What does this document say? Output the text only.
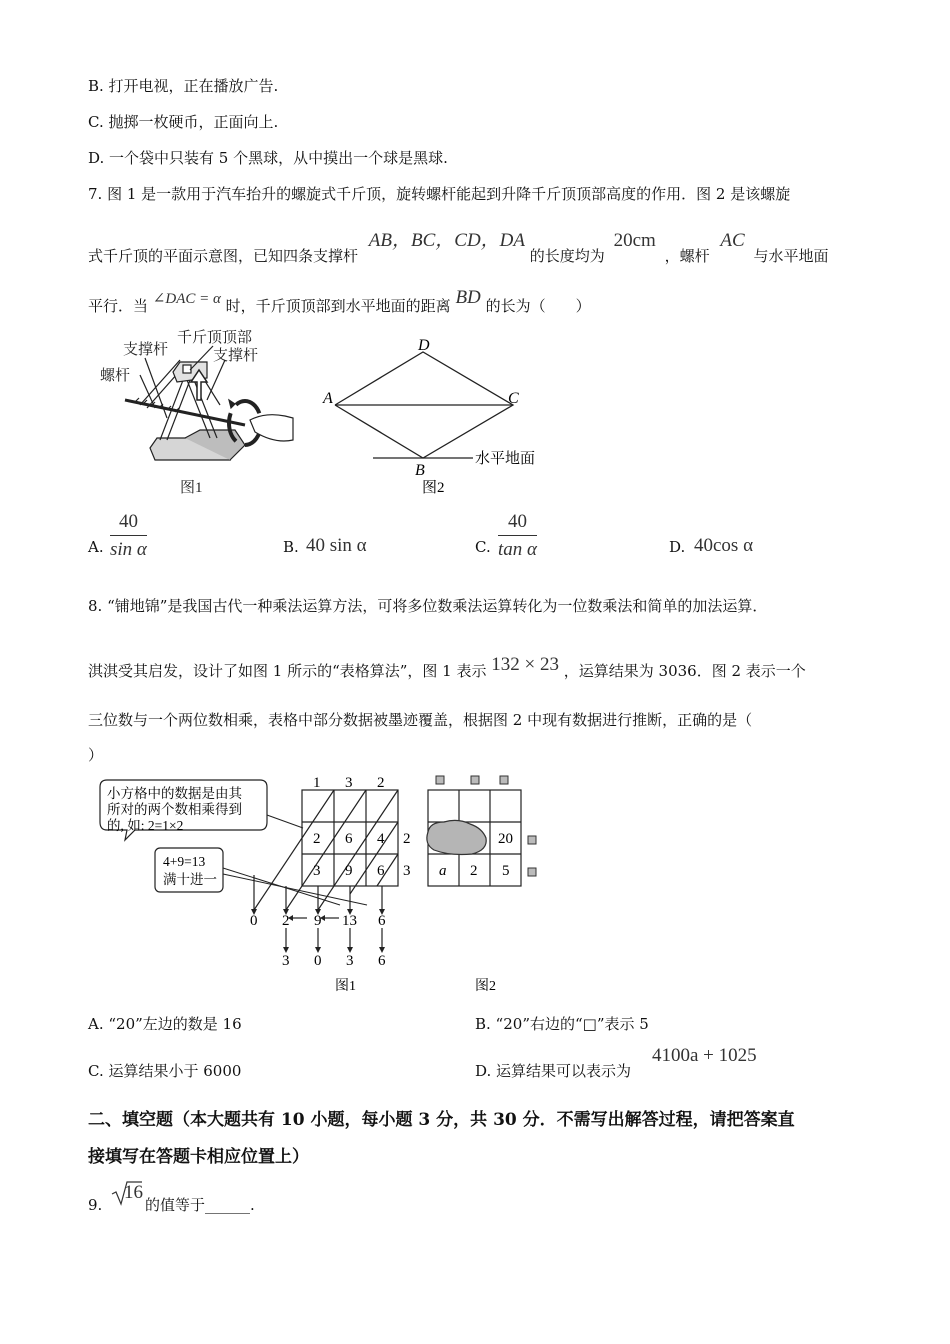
B. 打开电视，正在播放广告.
C. 抛掷一枚硬币，正面向上.
D. 一个袋中只装有 5 个黑球，从中摸出一个球是黑球.
7. 图 1 是一款用于汽车抬升的螺旋式千斤顶，旋转螺杆能起到升降千斤顶顶部高度的作用．图 2 是该螺旋
式千斤顶的平面示意图，已知四条支撑杆 AB，BC，CD，DA 的长度均为 20cm ，螺杆 AC 与水平地面
平行．当 ∠DAC = α 时，千斤顶顶部到水平地面的距离 BD 的长为（　　）
千斤顶顶部
支撑杆	支撑杆
螺杆
图1
D
A	C
B
水平地面
图2
A. $\frac{40}{\text{sin α}}$	B. 40 sin α	C. $\frac{40}{\text{tan α}}$	D. 40cos α
8. “铺地锦”是我国古代一种乘法运算方法，可将多位数乘法运算转化为一位数乘法和简单的加法运算．
淇淇受其启发，设计了如图 1 所示的“表格算法”，图 1 表示 132 × 23 ，运算结果为 3036．图 2 表示一个
三位数与一个两位数相乘，表格中部分数据被墨迹覆盖，根据图 2 中现有数据进行推断，正确的是（
）
小方格中的数据是由其
所对的两个数相乘得到
的, 如: 2=1×2
4+9=13
满十进一
1 3 2
2
3
2 6 4
3 9 6
0 2 9 13 6
3 0 3 6
图1
20
a 2 5
图2
A. “20”左边的数是 16	B. “20”右边的“□”表示 5
C. 运算结果小于 6000	D. 运算结果可以表示为
4100a + 1025
二、填空题（本大题共有 10 小题，每小题 3 分，共 30 分．不需写出解答过程，请把答案直
接填写在答题卡相应位置上）
9.
16
的值等于______.
